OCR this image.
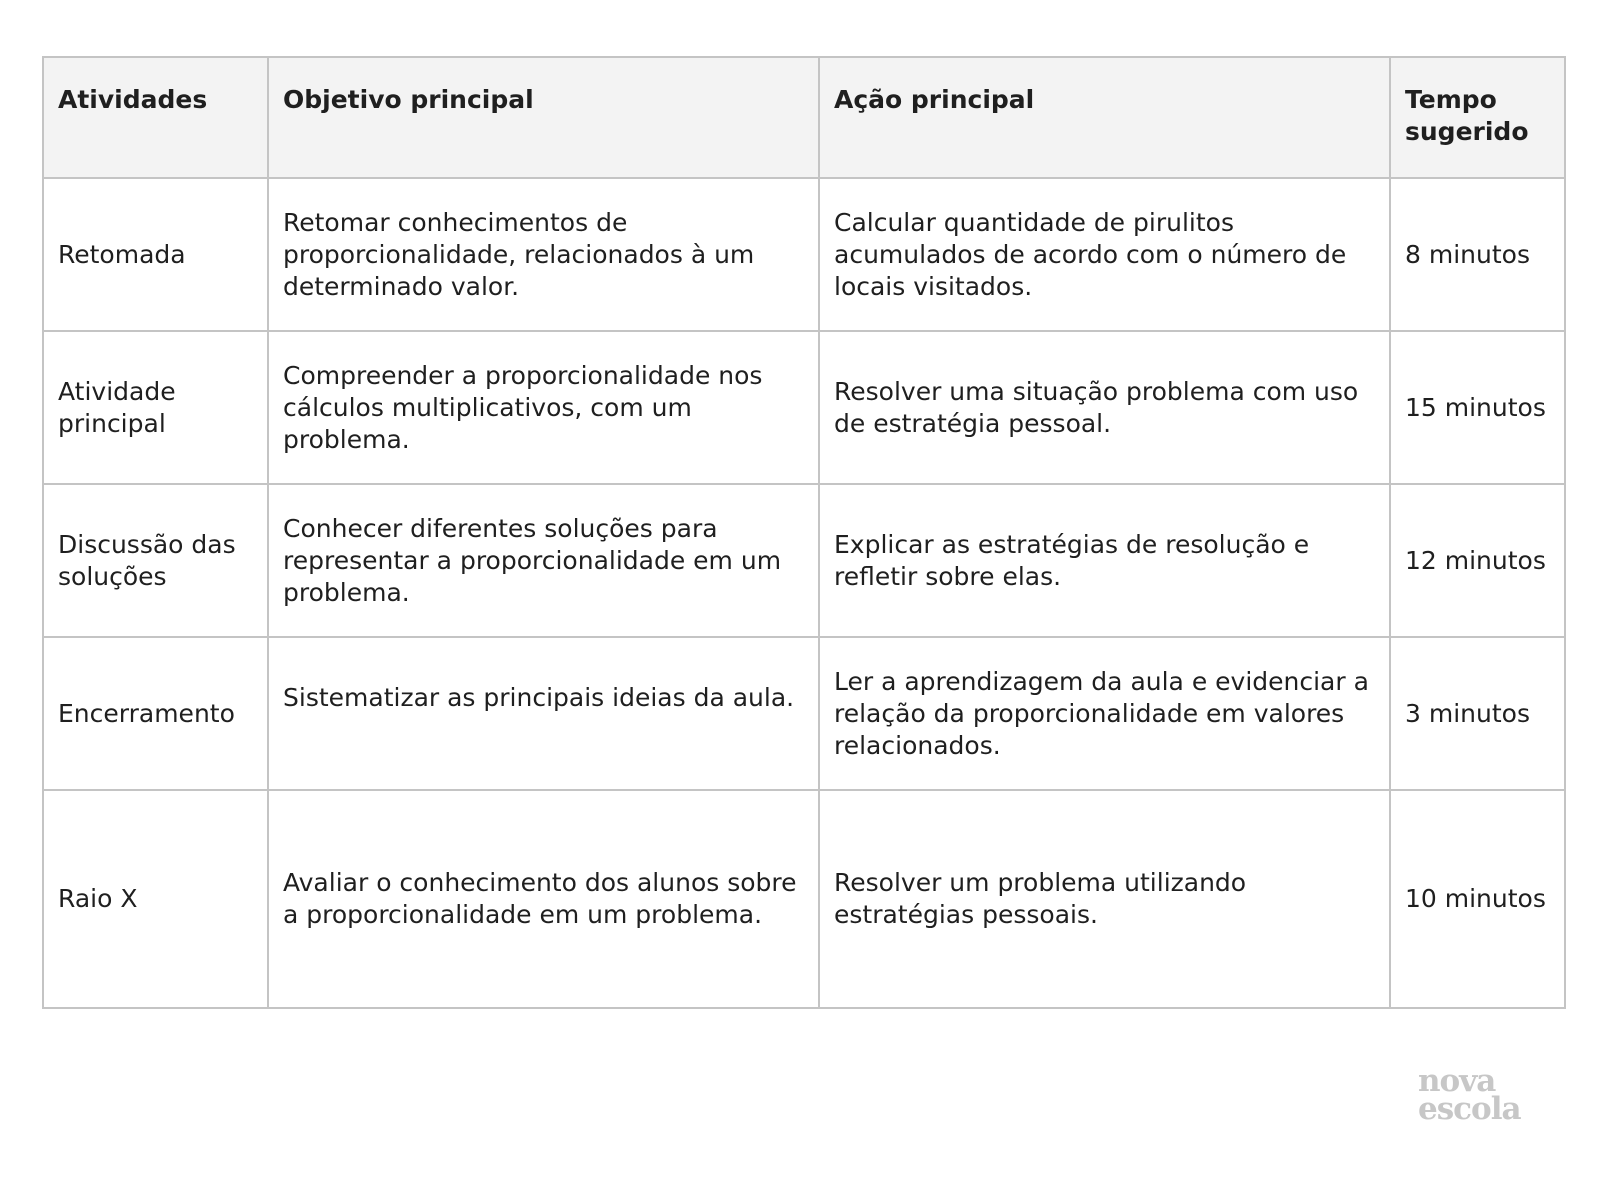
Atividades	Objetivo principal	Ação principal	Tempo sugerido
Retomada	Retomar conhecimentos de proporcionalidade, relacionados à um determinado valor.	Calcular quantidade de pirulitos acumulados de acordo com o número de locais visitados.	8 minutos
Atividade principal	Compreender a proporcionalidade nos cálculos multiplicativos, com um problema.	Resolver uma situação problema com uso de estratégia pessoal.	15 minutos
Discussão das soluções	Conhecer diferentes soluções para representar a proporcionalidade em um problema.	Explicar as estratégias de resolução e refletir sobre elas.	12 minutos
Encerramento	Sistematizar as principais ideias da aula.	Ler a aprendizagem da aula e evidenciar a relação da proporcionalidade em valores relacionados.	3 minutos
Raio X	Avaliar o conhecimento dos alunos sobre a proporcionalidade em um problema.	Resolver um problema utilizando estratégias pessoais.	10 minutos
nova
escola
